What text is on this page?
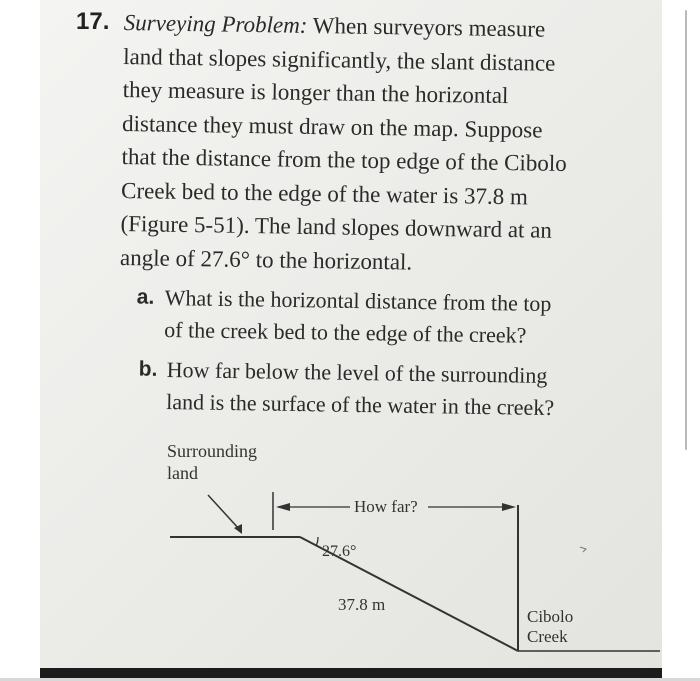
17. Surveying Problem: When surveyors measure
land that slopes significantly, the slant distance
they measure is longer than the horizontal
distance they must draw on the map. Suppose
that the distance from the top edge of the Cibolo
Creek bed to the edge of the water is 37.8 m
(Figure 5-51). The land slopes downward at an
angle of 27.6° to the horizontal.
a. What is the horizontal distance from the top
of the creek bed to the edge of the creek?
b. How far below the level of the surrounding
land is the surface of the water in the creek?
How far?
Surrounding
land
27.6°
37.8 m
Cibolo
Creek
